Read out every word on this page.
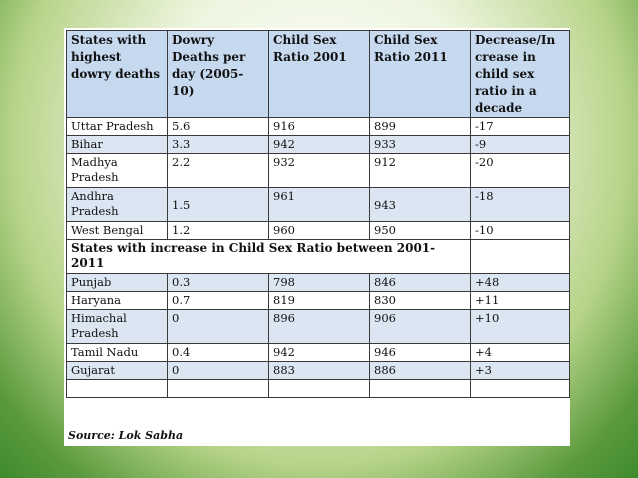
States with highest dowry deaths	Dowry Deaths per day (2005-10)	Child Sex Ratio 2001	Child Sex Ratio 2011	Decrease/In crease in child sex ratio in a decade
Uttar Pradesh	5.6	916	899	-17
Bihar	3.3	942	933	-9
Madhya Pradesh	2.2	932	912	-20
Andhra Pradesh	1.5	961	943	-18
West Bengal	1.2	960	950	-10
States with increase in Child Sex Ratio between 2001-2011				
Punjab	0.3	798	846	+48
Haryana	0.7	819	830	+11
Himachal Pradesh	0	896	906	+10
Tamil Nadu	0.4	942	946	+4
Gujarat	0	883	886	+3

Source: Lok Sabha
